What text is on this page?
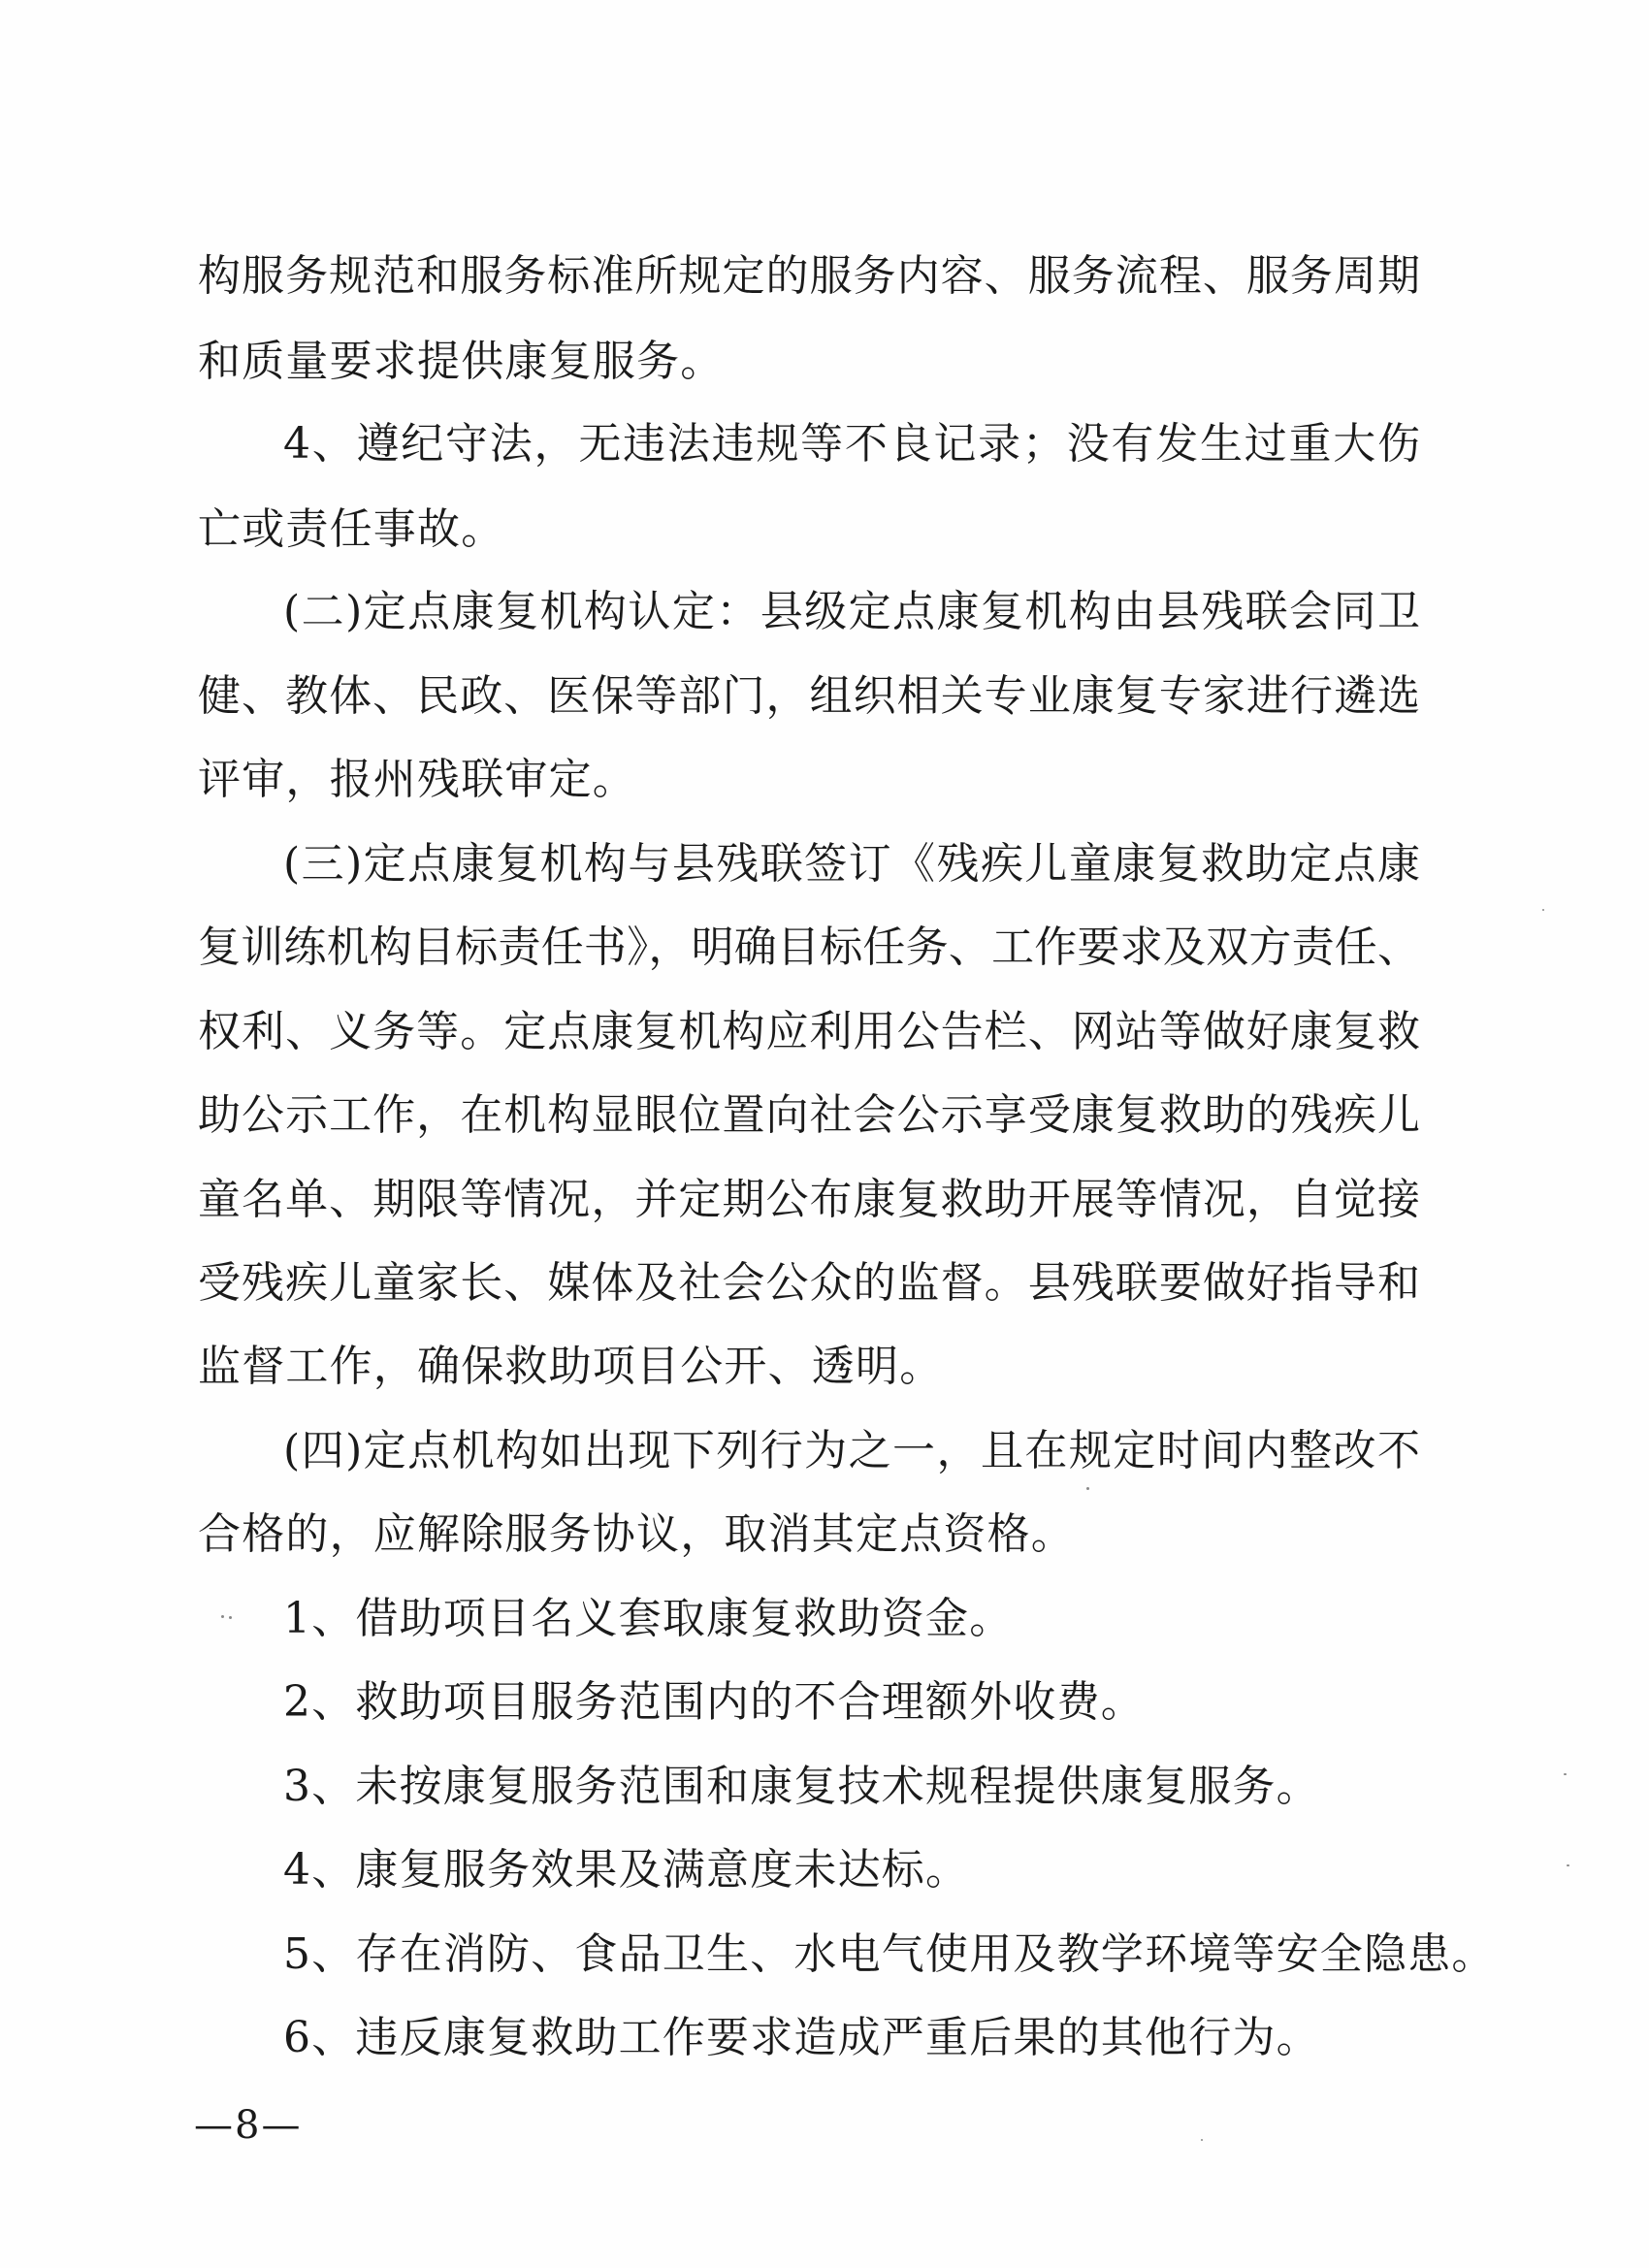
构服务规范和服务标准所规定的服务内容、服务流程、服务周期
和质量要求提供康复服务。
4、遵纪守法，无违法违规等不良记录；没有发生过重大伤
亡或责任事故。
(二)定点康复机构认定：县级定点康复机构由县残联会同卫
健、教体、民政、医保等部门，组织相关专业康复专家进行遴选
评审，报州残联审定。
(三)定点康复机构与县残联签订《残疾儿童康复救助定点康
复训练机构目标责任书》，明确目标任务、工作要求及双方责任、
权利、义务等。定点康复机构应利用公告栏、网站等做好康复救
助公示工作，在机构显眼位置向社会公示享受康复救助的残疾儿
童名单、期限等情况，并定期公布康复救助开展等情况，自觉接
受残疾儿童家长、媒体及社会公众的监督。县残联要做好指导和
监督工作，确保救助项目公开、透明。
(四)定点机构如出现下列行为之一，且在规定时间内整改不
合格的，应解除服务协议，取消其定点资格。
1、借助项目名义套取康复救助资金。
2、救助项目服务范围内的不合理额外收费。
3、未按康复服务范围和康复技术规程提供康复服务。
4、康复服务效果及满意度未达标。
5、存在消防、食品卫生、水电气使用及教学环境等安全隐患。
6、违反康复救助工作要求造成严重后果的其他行为。
—8—
